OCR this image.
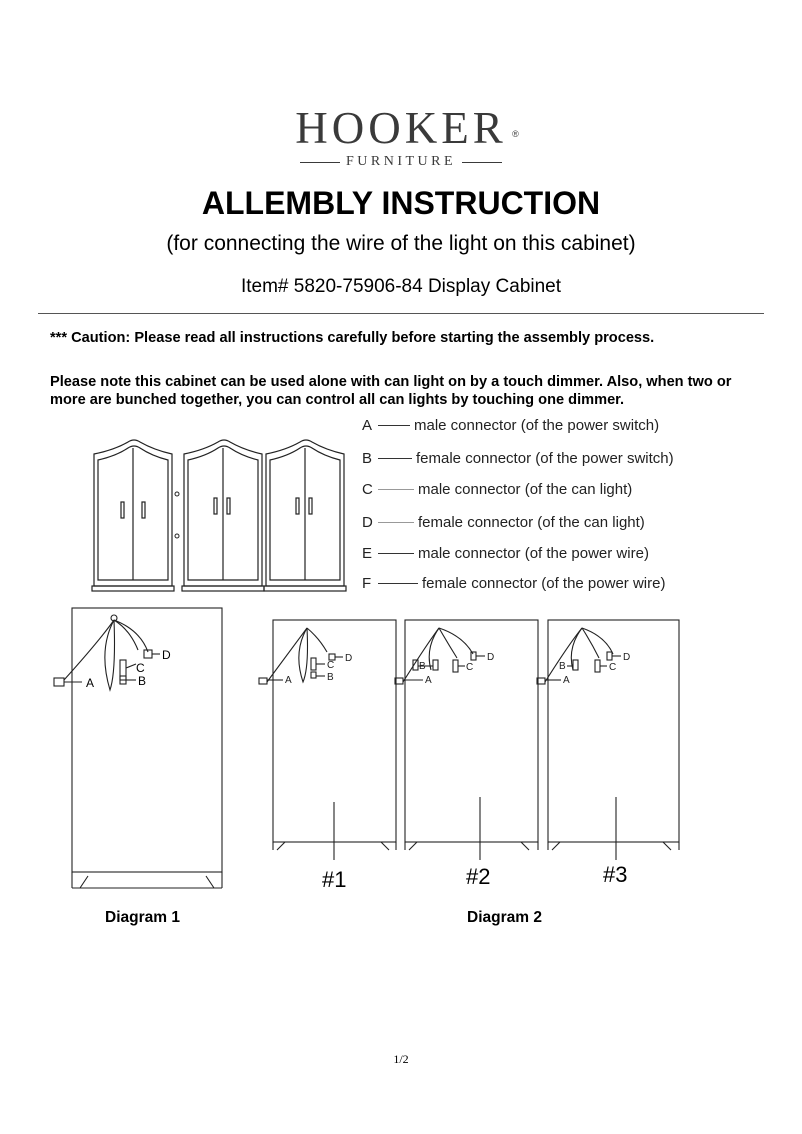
HOOKER ®
FURNITURE
ALLEMBLY INSTRUCTION
(for connecting the wire of the light on this cabinet)
Item# 5820-75906-84 Display Cabinet
*** Caution: Please read all instructions carefully before starting the assembly process.
Please note this cabinet can be used alone with can light on by a touch dimmer. Also, when two or more are bunched together, you can control all can lights by touching one dimmer.
A	male connector (of the power switch)
B	female connector (of the power switch)
C	male connector (of the can light)
D	female connector (of the can light)
E	male connector (of the power wire)
F	female connector (of the power wire)
A	B
C
D
A	B
C
D
A
B	C
D
A
B	C
D
#1	#2	#3
Diagram 1	Diagram 2
1/2
